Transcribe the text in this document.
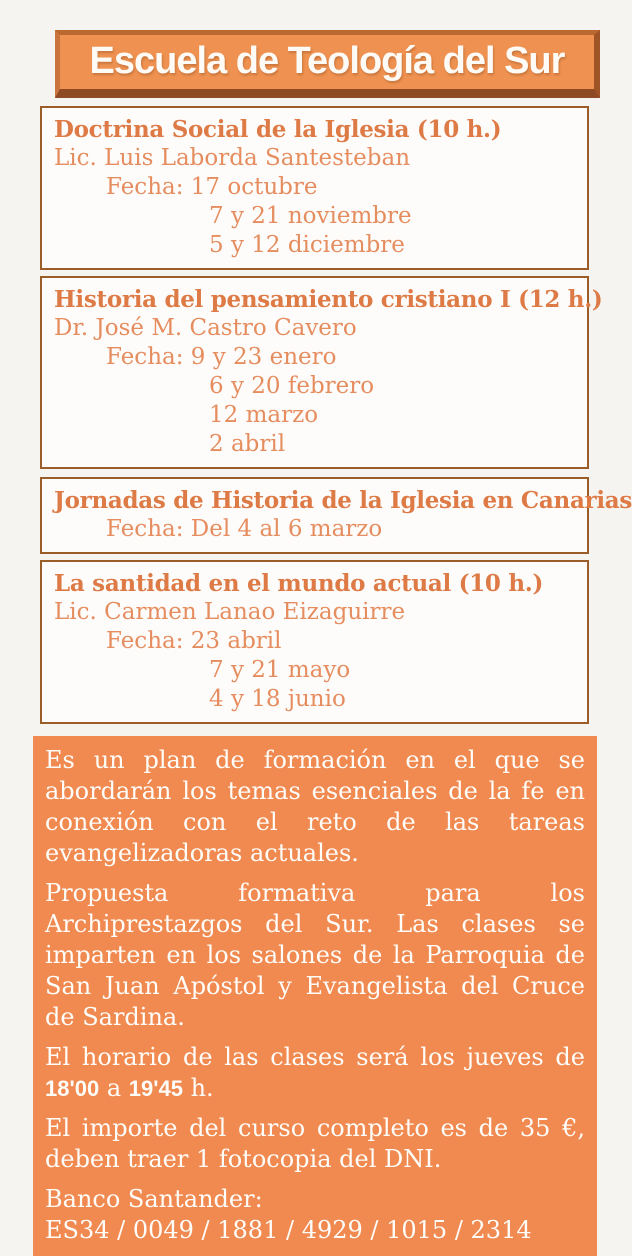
Escuela de Teología del Sur
Doctrina Social de la Iglesia (10 h.)
Lic. Luis Laborda Santesteban
Fecha: 17 octubre
7 y 21 noviembre
5 y 12 diciembre
Historia del pensamiento cristiano I (12 h.)
Dr. José M. Castro Cavero
Fecha: 9 y 23 enero
6 y 20 febrero
12 marzo
2 abril
Jornadas de Historia de la Iglesia en Canarias
Fecha: Del 4 al 6 marzo
La santidad en el mundo actual (10 h.)
Lic. Carmen Lanao Eizaguirre
Fecha: 23 abril
7 y 21 mayo
4 y 18 junio

Es un plan de formación en el que se abordarán los temas esenciales de la fe en conexión con el reto de las tareas evangelizadoras actuales.

Propuesta formativa para los Archiprestazgos del Sur. Las clases se imparten en los salones de la Parroquia de San Juan Apóstol y Evangelista del Cruce de Sardina.

El horario de las clases será los jueves de 18'00 a 19'45 h.

El importe del curso completo es de 35 €, deben traer 1 fotocopia del DNI.

Banco Santander:

ES34 / 0049 / 1881 / 4929 / 1015 / 2314
